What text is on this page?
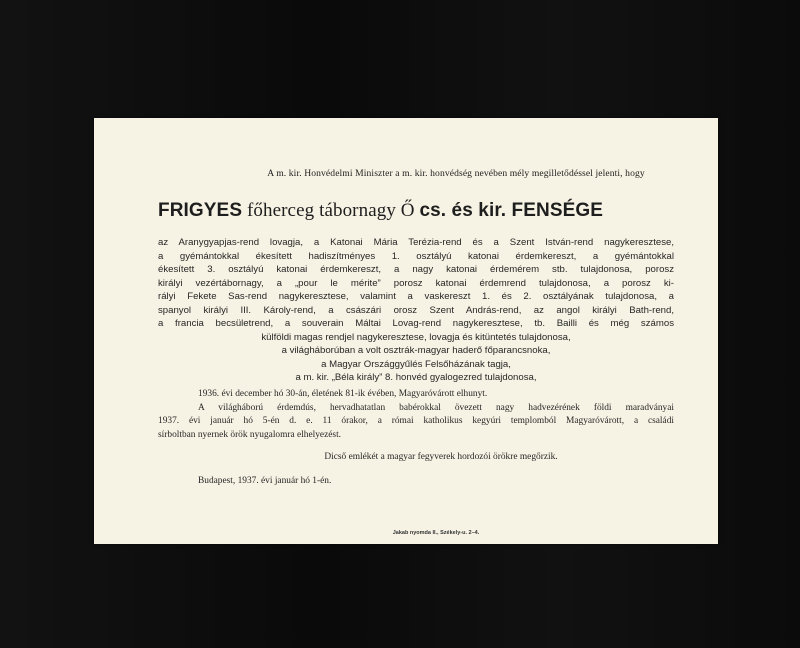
A m. kir. Honvédelmi Miniszter a m. kir. honvédség nevében mély megilletődéssel jelenti, hogy
FRIGYES főherceg tábornagy Ő cs. és kir. FENSÉGE
az Aranygyapjas-rend lovagja, a Katonai Mária Terézia-rend és a Szent István-rend nagykeresztese,
a gyémántokkal ékesített hadiszítményes 1. osztályú katonai érdemkereszt, a gyémántokkal
ékesített 3. osztályú katonai érdemkereszt, a nagy katonai érdemérem stb. tulajdonosa, porosz
királyi vezértábornagy, a „pour le mérite” porosz katonai érdemrend tulajdonosa, a porosz ki-
rályi Fekete Sas-rend nagykeresztese, valamint a vaskereszt 1. és 2. osztályának tulajdonosa, a
spanyol királyi III. Károly-rend, a császári orosz Szent András-rend, az angol királyi Bath-rend,
a francia becsületrend, a souverain Máltai Lovag-rend nagykeresztese, tb. Bailli és még számos
külföldi magas rendjel nagykeresztese, lovagja és kitüntetés tulajdonosa,
a világháborúban a volt osztrák-magyar haderő főparancsnoka,
a Magyar Országgyűlés Felsőházának tagja,
a m. kir. „Béla király” 8. honvéd gyalogezred tulajdonosa,
1936. évi december hó 30-án, életének 81-ik évében, Magyaróvárott elhunyt.
A világháború érdemdús, hervadhatatlan babérokkal övezett nagy hadvezérének földi maradványai
1937. évi január hó 5-én d. e. 11 órakor, a római katholikus kegyúri templomból Magyaróvárott, a családi
sírboltban nyernek örök nyugalomra elhelyezést.
Dicső emlékét a magyar fegyverek hordozói örökre megőrzik.
Budapest, 1937. évi január hó 1-én.
Jakab nyomda II., Székely-u. 2–4.
